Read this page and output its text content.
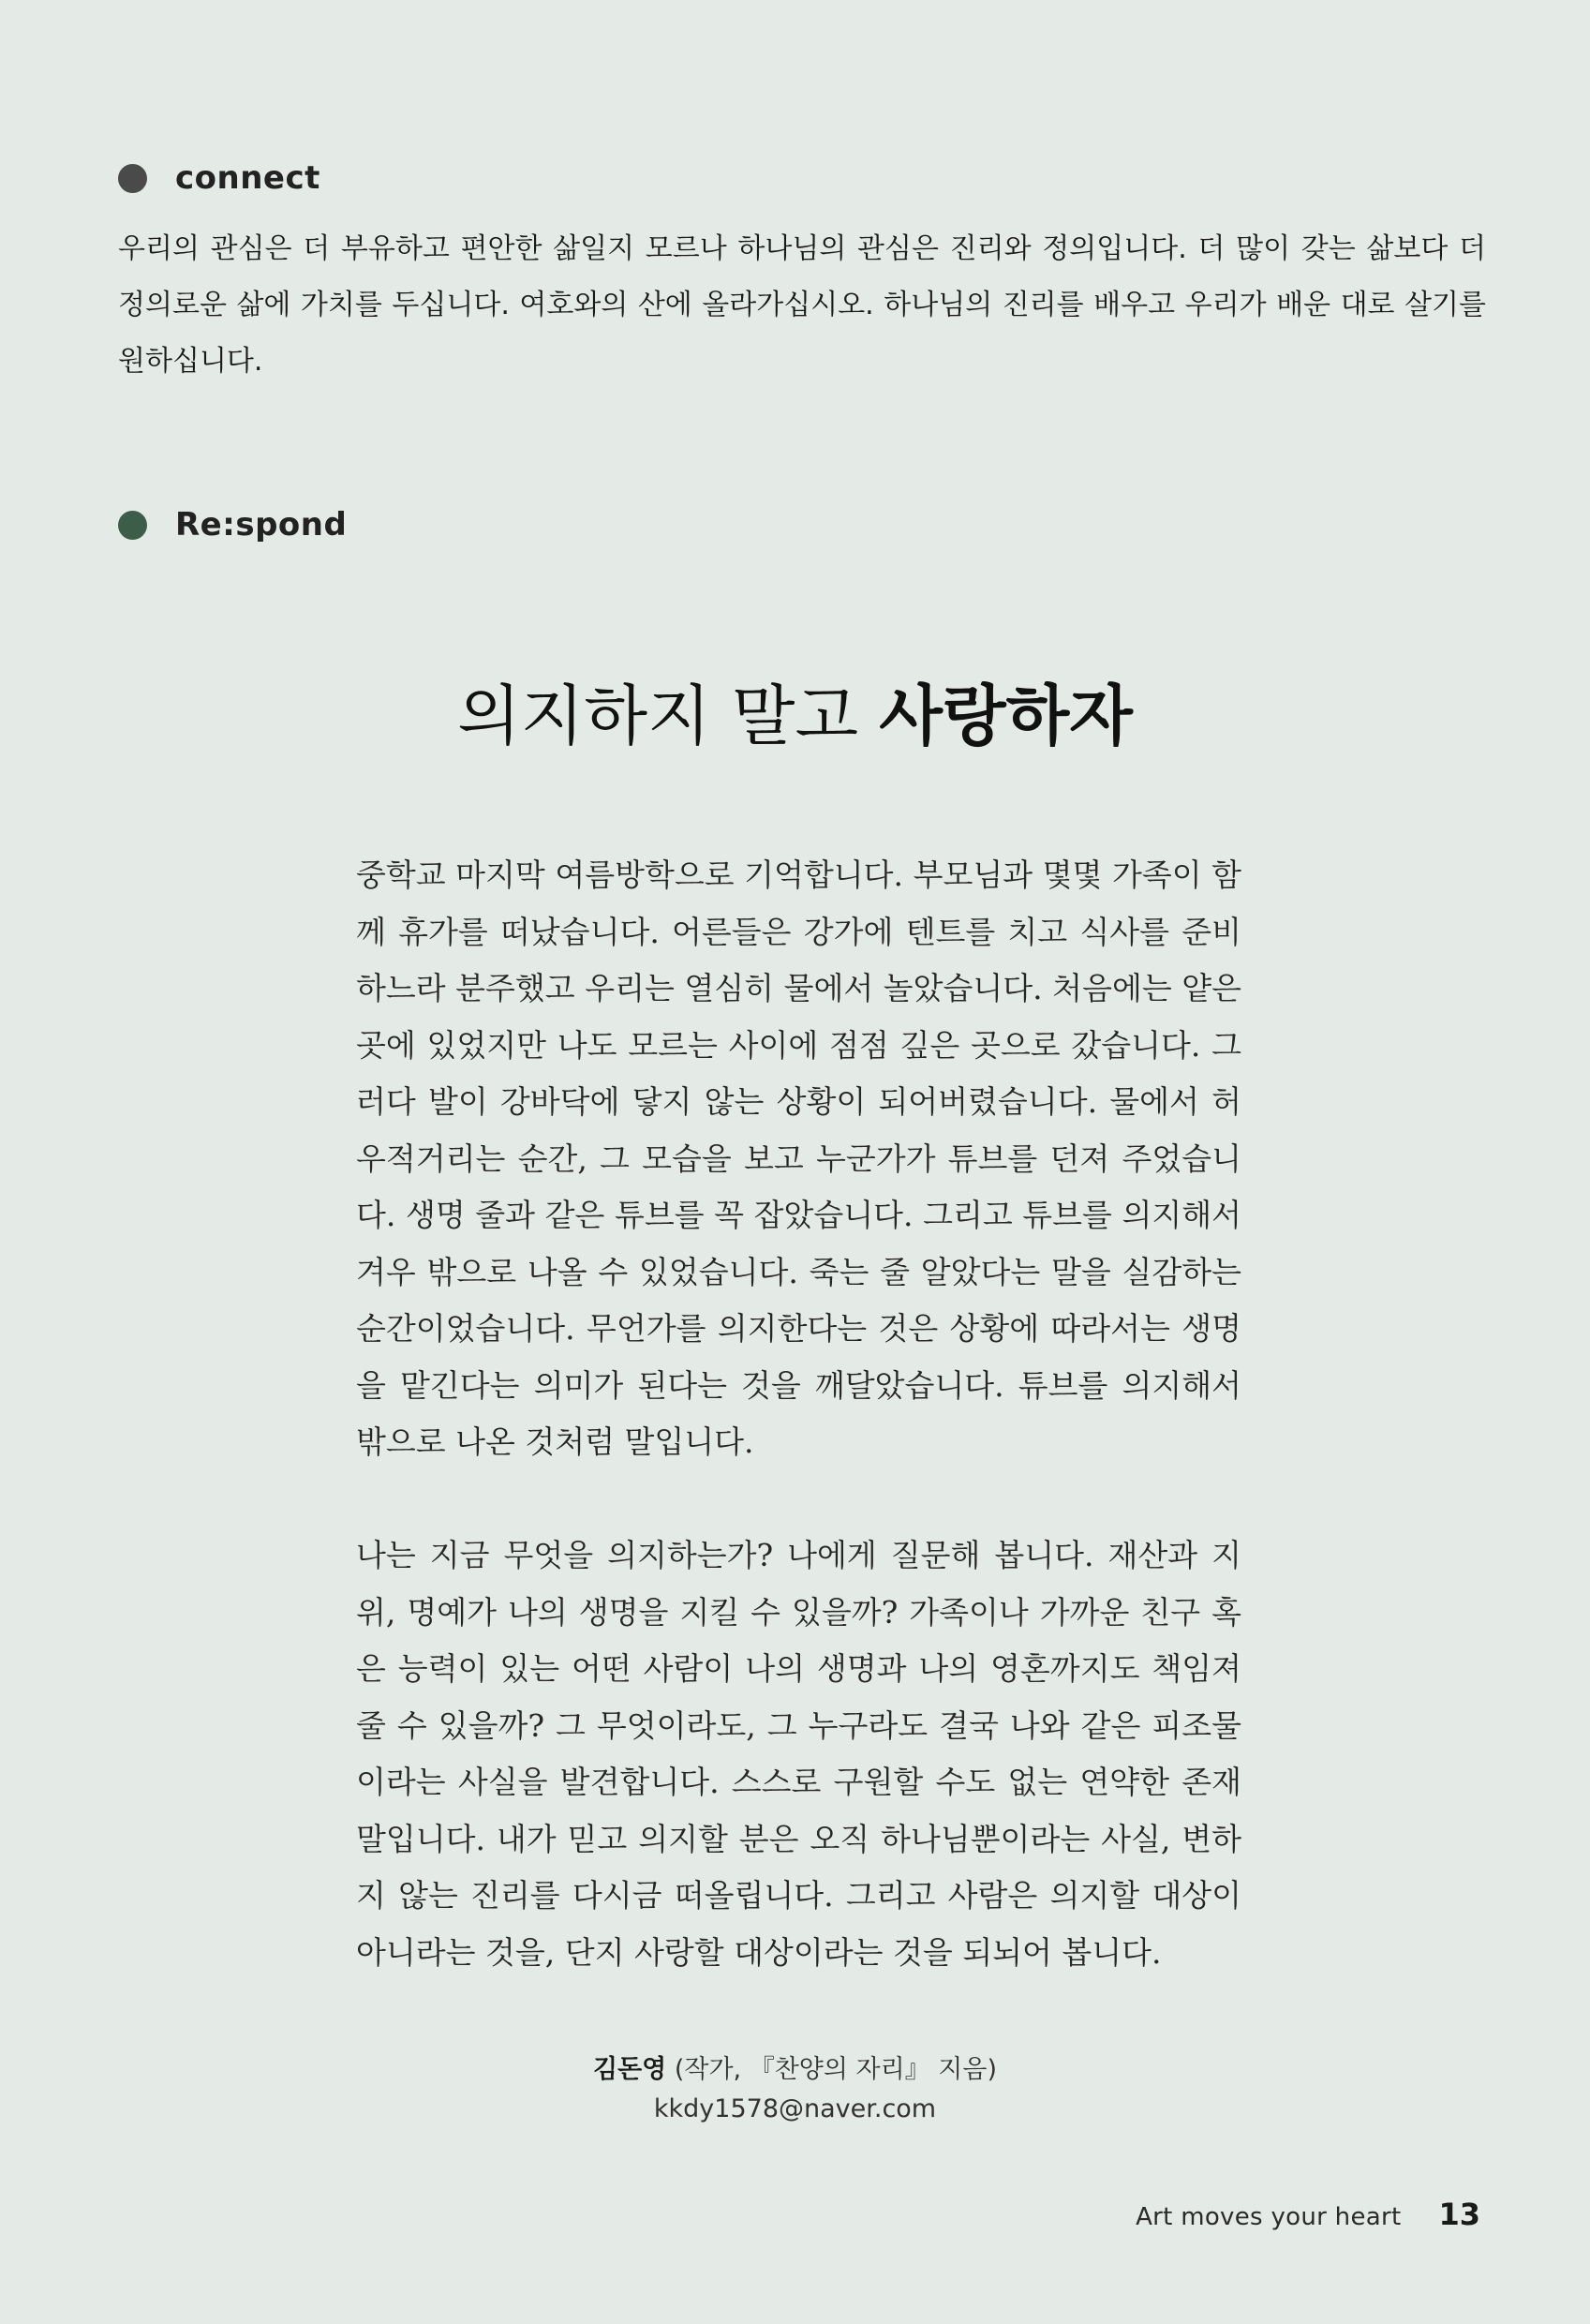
connect

우리의 관심은 더 부유하고 편안한 삶일지 모르나 하나님의 관심은 진리와 정의입니다. 더 많이 갖는 삶보다 더 정의로운 삶에 가치를 두십니다. 여호와의 산에 올라가십시오. 하나님의 진리를 배우고 우리가 배운 대로 살기를 원하십니다.

Re:spond
의지하지 말고 사랑하자

중학교 마지막 여름방학으로 기억합니다. 부모님과 몇몇 가족이 함께 휴가를 떠났습니다. 어른들은 강가에 텐트를 치고 식사를 준비하느라 분주했고 우리는 열심히 물에서 놀았습니다. 처음에는 얕은 곳에 있었지만 나도 모르는 사이에 점점 깊은 곳으로 갔습니다. 그러다 발이 강바닥에 닿지 않는 상황이 되어버렸습니다. 물에서 허우적거리는 순간, 그 모습을 보고 누군가가 튜브를 던져 주었습니다. 생명 줄과 같은 튜브를 꼭 잡았습니다. 그리고 튜브를 의지해서 겨우 밖으로 나올 수 있었습니다. 죽는 줄 알았다는 말을 실감하는 순간이었습니다. 무언가를 의지한다는 것은 상황에 따라서는 생명을 맡긴다는 의미가 된다는 것을 깨달았습니다. 튜브를 의지해서 밖으로 나온 것처럼 말입니다.

나는 지금 무엇을 의지하는가? 나에게 질문해 봅니다. 재산과 지위, 명예가 나의 생명을 지킬 수 있을까? 가족이나 가까운 친구 혹은 능력이 있는 어떤 사람이 나의 생명과 나의 영혼까지도 책임져 줄 수 있을까? 그 무엇이라도, 그 누구라도 결국 나와 같은 피조물이라는 사실을 발견합니다. 스스로 구원할 수도 없는 연약한 존재 말입니다. 내가 믿고 의지할 분은 오직 하나님뿐이라는 사실, 변하지 않는 진리를 다시금 떠올립니다. 그리고 사람은 의지할 대상이 아니라는 것을, 단지 사랑할 대상이라는 것을 되뇌어 봅니다.

김돈영 (작가, 『찬양의 자리』 지음)
kkdy1578@naver.com
Art moves your heart 13
